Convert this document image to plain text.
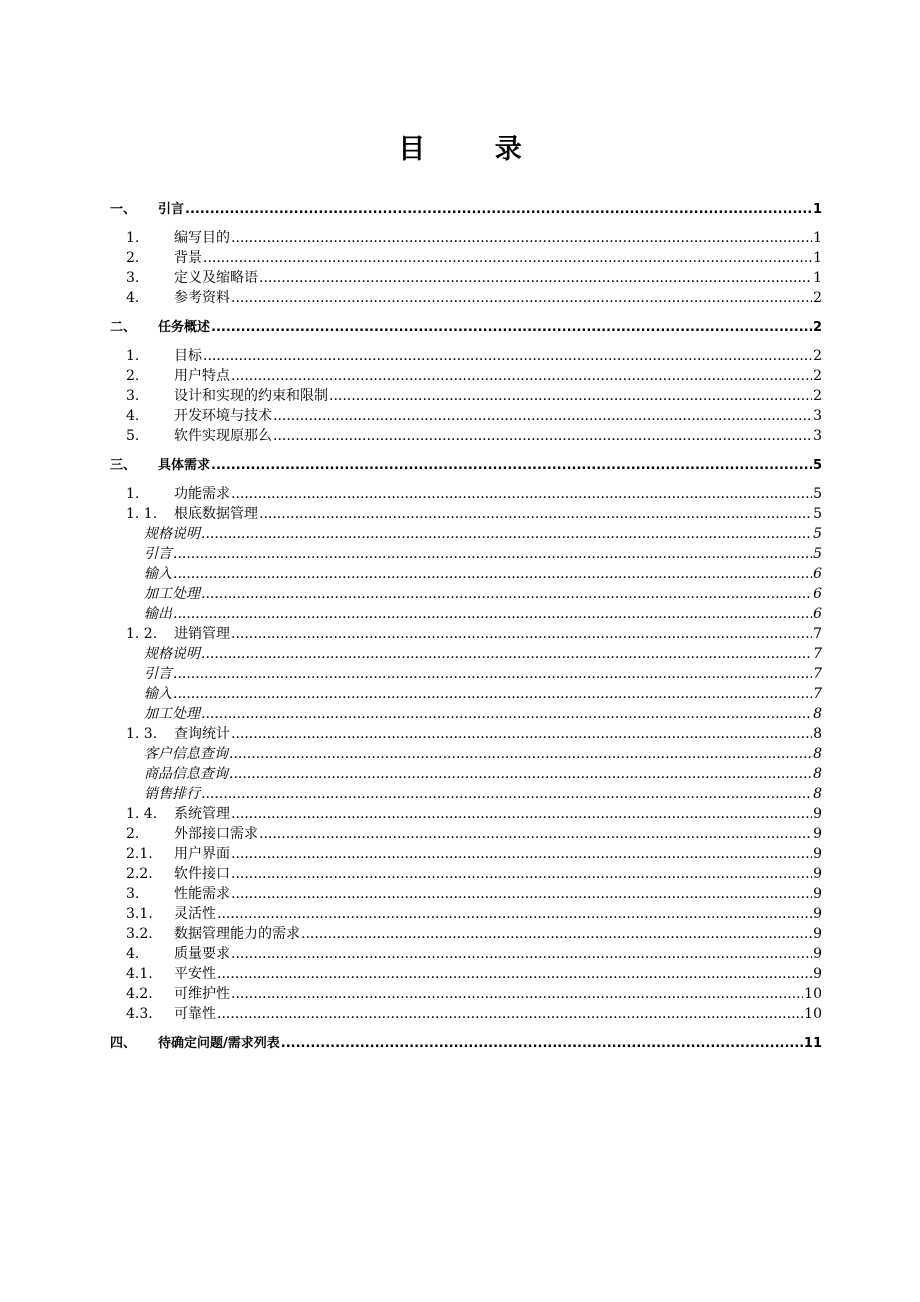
目 录
一、	引言 .....	1
1.	编写目的 .....	1
2.	背景 .....	1
3.	定义及缩略语 .....	1
4.	参考资料 .....	2
二、	任务概述 .....	2
1.	目标 .....	2
2.	用户特点 .....	2
3.	设计和实现的约束和限制 .....	2
4.	开发环境与技术 .....	3
5.	软件实现原那么 .....	3
三、	具体需求 .....	5
1.	功能需求 .....	5
1. 1.	根底数据管理 .....	5
规格说明 .....	5
引言 .....	5
输入 .....	6
加工处理 .....	6
输出 .....	6
1. 2.	进销管理 .....	7
规格说明 .....	7
引言 .....	7
输入 .....	7
加工处理 .....	8
1. 3.	查询统计 .....	8
客户信息查询 .....	8
商品信息查询 .....	8
销售排行 .....	8
1. 4.	系统管理 .....	9
2.	外部接口需求 .....	9
2.1.	用户界面 .....	9
2.2.	软件接口 .....	9
3.	性能需求 .....	9
3.1.	灵活性 .....	9
3.2.	数据管理能力的需求 .....	9
4.	质量要求 .....	9
4.1.	平安性 .....	9
4.2.	可维护性 .....	10
4.3.	可靠性 .....	10
四、	待确定问题/需求列表 .....	11
